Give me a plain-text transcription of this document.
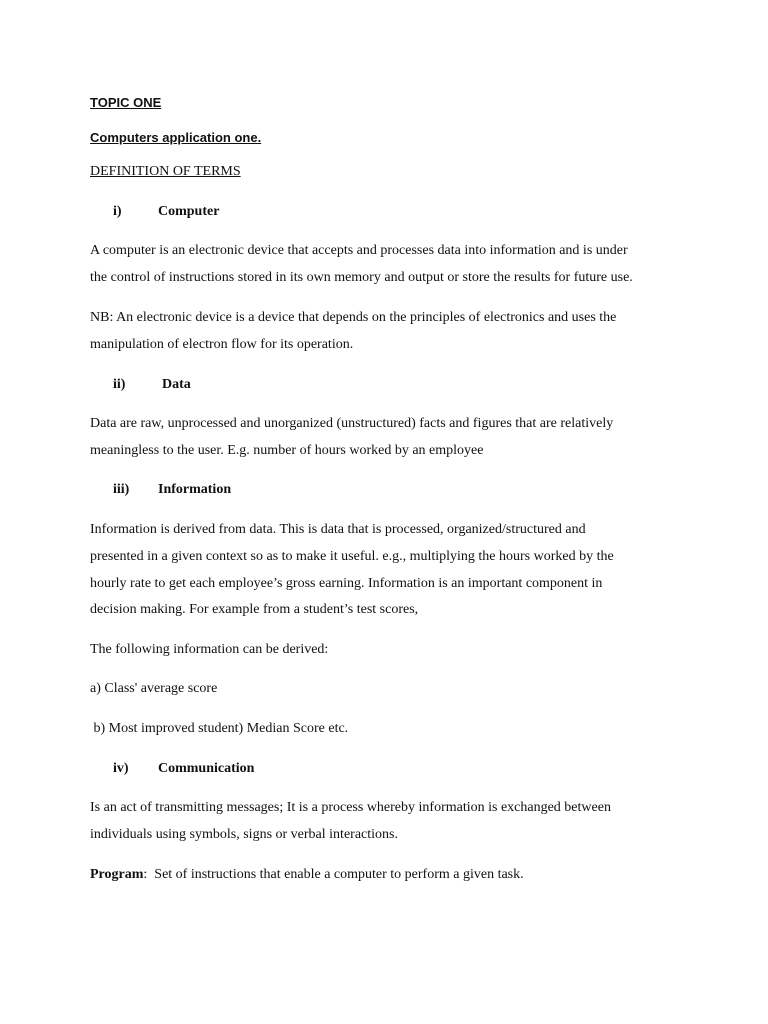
TOPIC ONE
Computers application one.
DEFINITION OF TERMS
i)	Computer
A computer is an electronic device that accepts and processes data into information and is under
the control of instructions stored in its own memory and output or store the results for future use.
NB: An electronic device is a device that depends on the principles of electronics and uses the
manipulation of electron flow for its operation.
ii)	Data
Data are raw, unprocessed and unorganized (unstructured) facts and figures that are relatively
meaningless to the user. E.g. number of hours worked by an employee
iii) Information
Information is derived from data. This is data that is processed, organized/structured and
presented in a given context so as to make it useful. e.g., multiplying the hours worked by the
hourly rate to get each employee’s gross earning. Information is an important component in
decision making. For example from a student’s test scores,
The following information can be derived:
a) Class' average score
b) Most improved student) Median Score etc.
iv) Communication
Is an act of transmitting messages; It is a process whereby information is exchanged between
individuals using symbols, signs or verbal interactions.
Program:  Set of instructions that enable a computer to perform a given task.
